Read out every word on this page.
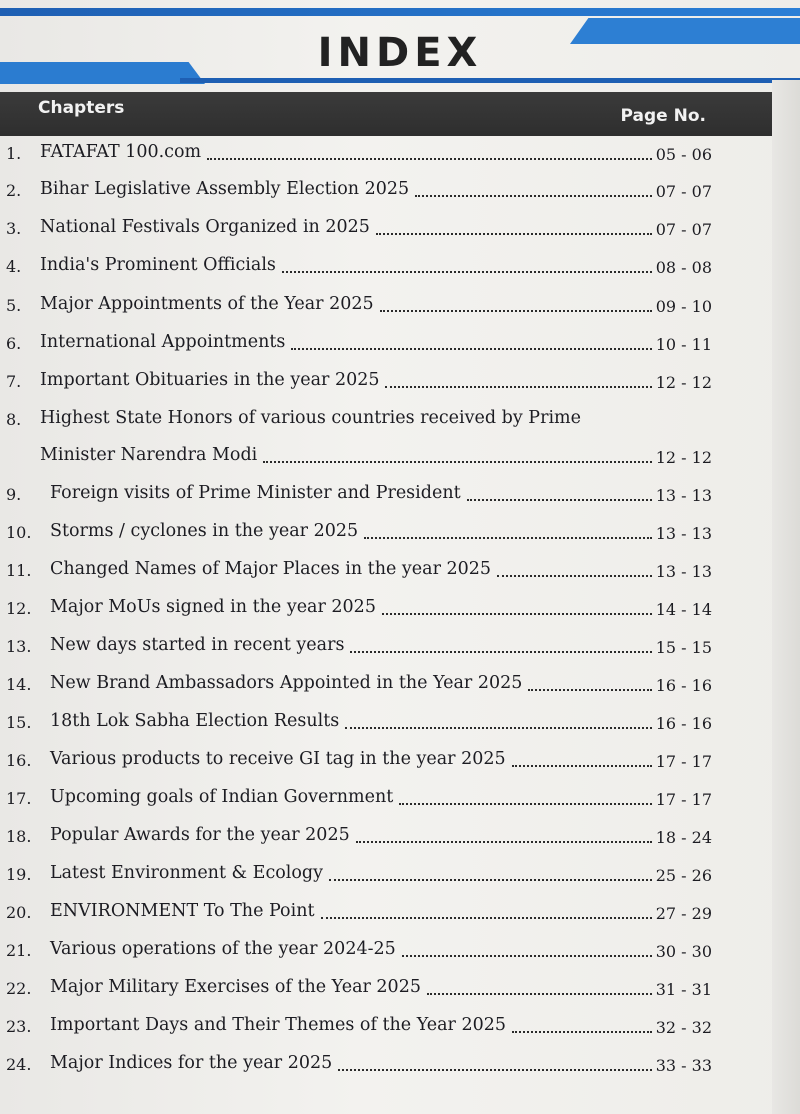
INDEX
Chapters	Page No.
1. FATAFAT 100.com	05 - 06
2. Bihar Legislative Assembly Election 2025	07 - 07
3. National Festivals Organized in 2025	07 - 07
4. India's Prominent Officials	08 - 08
5. Major Appointments of the Year 2025	09 - 10
6. International Appointments	10 - 11
7. Important Obituaries in the year 2025	12 - 12
8. Highest State Honors of various countries received by Prime
Minister Narendra Modi	12 - 12
9. Foreign visits of Prime Minister and President	13 - 13
10. Storms / cyclones in the year 2025	13 - 13
11. Changed Names of Major Places in the year 2025	13 - 13
12. Major MoUs signed in the year 2025	14 - 14
13. New days started in recent years	15 - 15
14. New Brand Ambassadors Appointed in the Year 2025	16 - 16
15. 18th Lok Sabha Election Results	16 - 16
16. Various products to receive GI tag in the year 2025	17 - 17
17. Upcoming goals of Indian Government	17 - 17
18. Popular Awards for the year 2025	18 - 24
19. Latest Environment & Ecology	25 - 26
20. ENVIRONMENT To The Point	27 - 29
21. Various operations of the year 2024-25	30 - 30
22. Major Military Exercises of the Year 2025	31 - 31
23. Important Days and Their Themes of the Year 2025	32 - 32
24. Major Indices for the year 2025	33 - 33
